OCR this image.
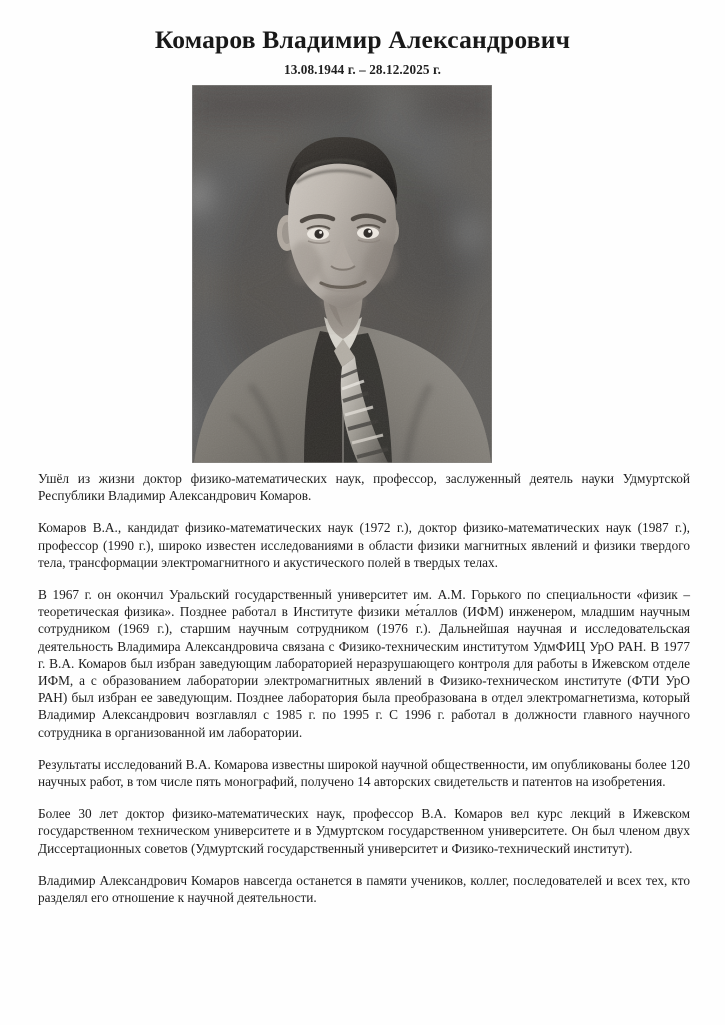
Комаров Владимир Александрович

13.08.1944 г. – 28.12.2025 г.

Ушёл из жизни доктор физико-математических наук, профессор, заслуженный деятель науки Удмуртской Республики Владимир Александрович Комаров.

Комаров В.А., кандидат физико-математических наук (1972 г.), доктор физико-математических наук (1987 г.), профессор (1990 г.), широко известен исследованиями в области физики магнитных явлений и физики твердого тела, трансформации электромагнитного и акустического полей в твердых телах.

В 1967 г. он окончил Уральский государственный университет им. А.М. Горького по специальности «физик – теоретическая физика». Позднее работал в Институте физики ме́таллов (ИФМ) инженером, младшим научным сотрудником (1969 г.), старшим научным сотрудником (1976 г.). Дальнейшая научная и исследовательская деятельность Владимира Александровича связана с Физико-техническим институтом УдмФИЦ УрО РАН. В 1977 г. В.А. Комаров был избран заведующим лабораторией неразрушающего контроля для работы в Ижевском отделе ИФМ, а с образованием лаборатории электромагнитных явлений в Физико-техническом институте (ФТИ УрО РАН) был избран ее заведующим. Позднее лаборатория была преобразована в отдел электромагнетизма, который Владимир Александрович возглавлял с 1985 г. по 1995 г. С 1996 г. работал в должности главного научного сотрудника в организованной им лаборатории.

Результаты исследований В.А. Комарова известны широкой научной общественности, им опубликованы более 120 научных работ, в том числе пять монографий, получено 14 авторских свидетельств и патентов на изобретения.

Более 30 лет доктор физико-математических наук, профессор В.А. Комаров вел курс лекций в Ижевском государственном техническом университете и в Удмуртском государственном университете. Он был членом двух Диссертационных советов (Удмуртский государственный университет и Физико-технический институт).

Владимир Александрович Комаров навсегда останется в памяти учеников, коллег, последователей и всех тех, кто разделял его отношение к научной деятельности.
